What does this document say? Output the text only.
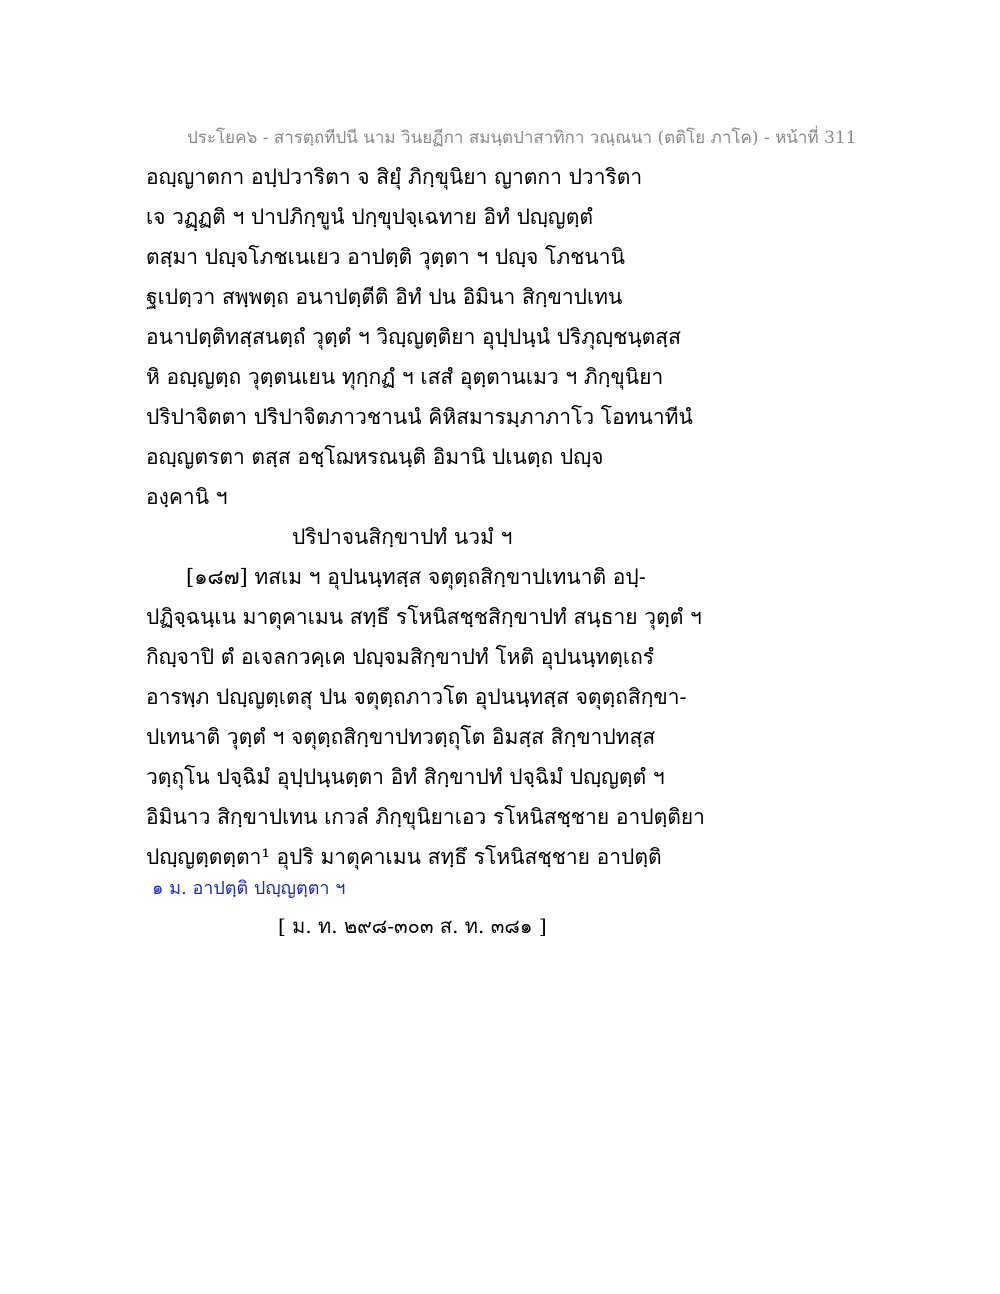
ประโยค๖ - สารตฺถทีปนี นาม วินยฏีกา สมนฺตปาสาทิกา วณฺณนา (ตติโย ภาโค) - หน้าที่ 311
อญฺญาตกา อปฺปวาริตา จ สิยุํ ภิกฺขุนิยา ญาตกา ปวาริตา
เจ วฏฺฏติ ฯ ปาปภิกฺขูนํ ปกฺขุปจฺเฉทาย อิทํ ปญฺญตฺตํ
ตสฺมา ปญฺจโภชเนเยว อาปตฺติ วุตฺตา ฯ ปญฺจ โภชนานิ
ฐเปตฺวา สพฺพตฺถ อนาปตฺตีติ อิทํ ปน อิมินา สิกฺขาปเทน
อนาปตฺติทสฺสนตฺถํ วุตฺตํ ฯ วิญฺญตฺติยา อุปฺปนฺนํ ปริภุญฺชนฺตสฺส
หิ อญฺญตฺถ วุตฺตนเยน ทุกฺกฏํ ฯ เสสํ อุตฺตานเมว ฯ ภิกฺขุนิยา
ปริปาจิตตา ปริปาจิตภาวชานนํ คิหิสมารมฺภาภาโว โอทนาทีนํ
อญฺญตรตา ตสฺส อชฺโฌหรณนฺติ อิมานิ ปเนตฺถ ปญฺจ
องฺคานิ ฯ
ปริปาจนสิกฺขาปทํ นวมํ ฯ
[๑๘๗] ทสเม ฯ อุปนนฺทสฺส จตุตฺถสิกฺขาปเทนาติ อปฺ-
ปฏิจฺฉนฺเน มาตุคาเมน สทฺธึ รโหนิสชฺชสิกฺขาปทํ สนฺธาย วุตฺตํ ฯ
กิญฺจาปิ ตํ อเจลกวคฺเค ปญฺจมสิกฺขาปทํ โหติ อุปนนฺทตฺเถรํ
อารพฺภ ปญฺญตฺเตสุ ปน จตุตฺถภาวโต อุปนนฺทสฺส จตุตฺถสิกฺขา-
ปเทนาติ วุตฺตํ ฯ จตุตฺถสิกฺขาปทวตฺถุโต อิมสฺส สิกฺขาปทสฺส
วตฺถุโน ปจฺฉิมํ อุปฺปนฺนตฺตา อิทํ สิกฺขาปทํ ปจฺฉิมํ ปญฺญตฺตํ ฯ
อิมินาว สิกฺขาปเทน เกวลํ ภิกฺขุนิยาเอว รโหนิสชฺชาย อาปตฺติยา
ปญฺญตฺตตฺตา¹ อุปริ มาตุคาเมน สทฺธึ รโหนิสชฺชาย อาปตฺติ
๑ ม. อาปตฺติ ปญฺญตฺตา ฯ
[ ม. ท. ๒๙๘-๓๐๓ ส. ท. ๓๘๑ ]
